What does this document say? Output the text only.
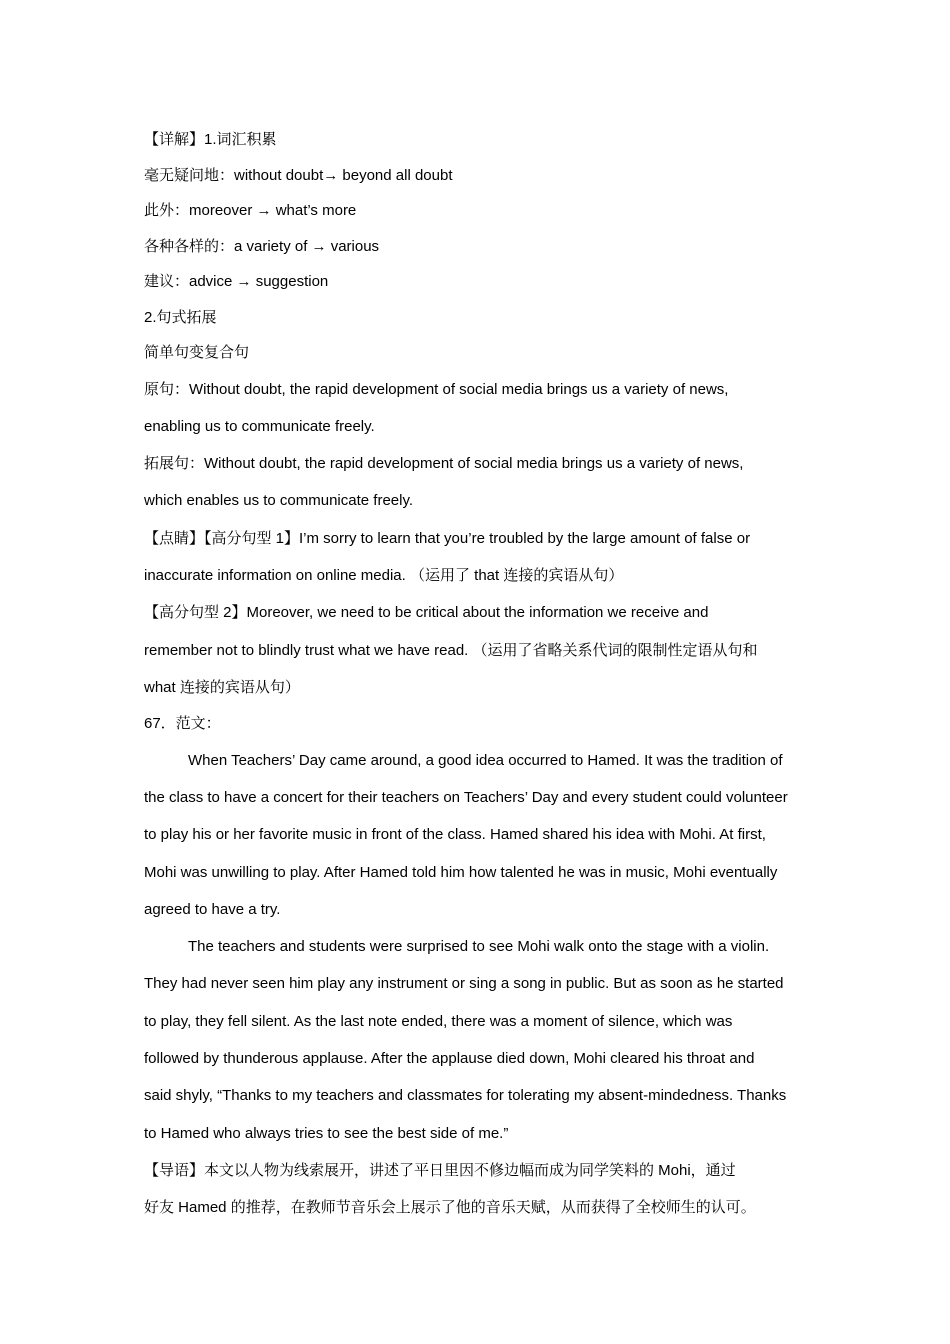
【详解】1.词汇积累
毫无疑问地：without doubt→ beyond all doubt
此外：moreover → what’s more
各种各样的：a variety of → various
建议：advice → suggestion
2.句式拓展
简单句变复合句
原句：Without doubt, the rapid development of social media brings us a variety of news,
enabling us to communicate freely.
拓展句：Without doubt, the rapid development of social media brings us a variety of news,
which enables us to communicate freely.
【点睛】【高分句型 1】I’m sorry to learn that you’re troubled by the large amount of false or
inaccurate information on online media. （运用了 that 连接的宾语从句）
【高分句型 2】Moreover, we need to be critical about the information we receive and
remember not to blindly trust what we have read. （运用了省略关系代词的限制性定语从句和
what 连接的宾语从句）
67．范文：
When Teachers’ Day came around, a good idea occurred to Hamed. It was the tradition of
the class to have a concert for their teachers on Teachers’ Day and every student could volunteer
to play his or her favorite music in front of the class. Hamed shared his idea with Mohi. At first,
Mohi was unwilling to play. After Hamed told him how talented he was in music, Mohi eventually
agreed to have a try.
The teachers and students were surprised to see Mohi walk onto the stage with a violin.
They had never seen him play any instrument or sing a song in public. But as soon as he started
to play, they fell silent. As the last note ended, there was a moment of silence, which was
followed by thunderous applause. After the applause died down, Mohi cleared his throat and
said shyly, “Thanks to my teachers and classmates for tolerating my absent-mindedness. Thanks
to Hamed who always tries to see the best side of me.”
【导语】本文以人物为线索展开，讲述了平日里因不修边幅而成为同学笑料的 Mohi，通过
好友 Hamed 的推荐，在教师节音乐会上展示了他的音乐天赋，从而获得了全校师生的认可。
